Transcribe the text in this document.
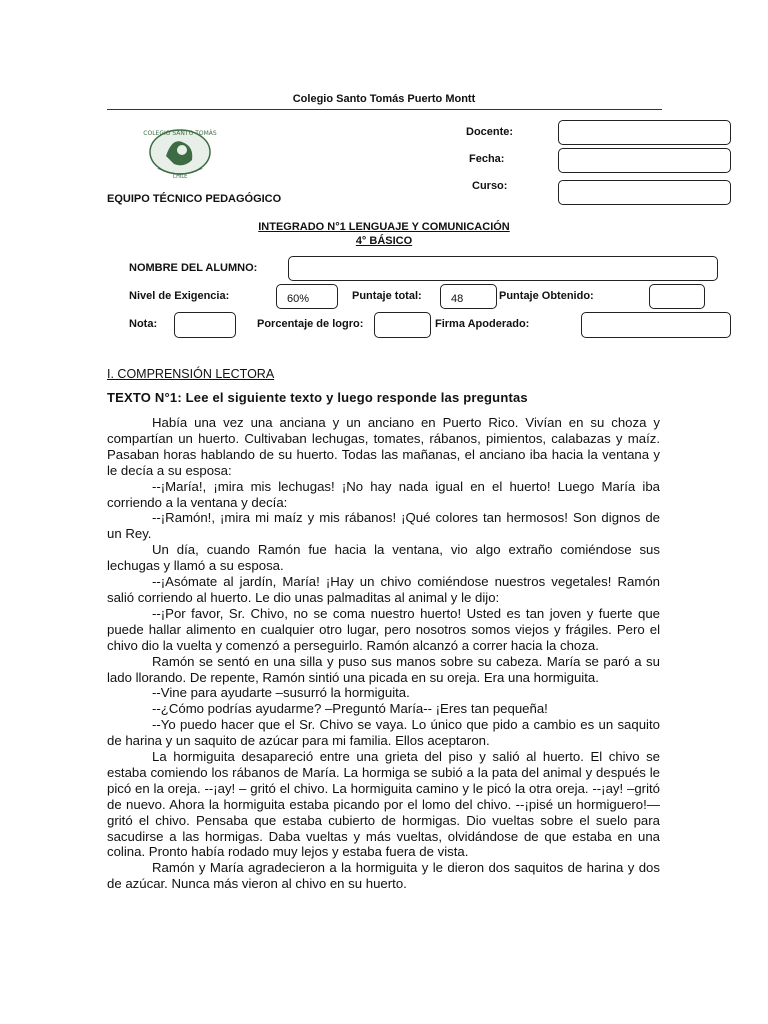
Colegio Santo Tomás Puerto Montt
COLEGIO SANTO TOMÁS
CHILE
EQUIPO TÉCNICO PEDAGÓGICO
Docente:
Fecha:
Curso:
INTEGRADO N°1 LENGUAJE Y COMUNICACIÓN
4° BÁSICO
NOMBRE DEL ALUMNO:
Nivel de Exigencia:	60%	Puntaje total:	48	Puntaje Obtenido:
Nota:	Porcentaje de logro:	Firma Apoderado:
I. COMPRENSIÓN LECTORA
TEXTO N°1: Lee el siguiente texto y luego responde las preguntas

Había una vez una anciana y un anciano en Puerto Rico. Vivían en su choza y compartían un huerto. Cultivaban lechugas, tomates, rábanos, pimientos, calabazas y maíz. Pasaban horas hablando de su huerto. Todas las mañanas, el anciano iba hacia la ventana y le decía a su esposa:

--¡María!, ¡mira mis lechugas! ¡No hay nada igual en el huerto! Luego María iba corriendo a la ventana y decía:

--¡Ramón!, ¡mira mi maíz y mis rábanos! ¡Qué colores tan hermosos! Son dignos de un Rey.

Un día, cuando Ramón fue hacia la ventana, vio algo extraño comiéndose sus lechugas y llamó a su esposa.

--¡Asómate al jardín, María! ¡Hay un chivo comiéndose nuestros vegetales! Ramón salió corriendo al huerto. Le dio unas palmaditas al animal y le dijo:

--¡Por favor, Sr. Chivo, no se coma nuestro huerto! Usted es tan joven y fuerte que puede hallar alimento en cualquier otro lugar, pero nosotros somos viejos y frágiles. Pero el chivo dio la vuelta y comenzó a perseguirlo. Ramón alcanzó a correr hacia la choza.

Ramón se sentó en una silla y puso sus manos sobre su cabeza. María se paró a su lado llorando. De repente, Ramón sintió una picada en su oreja. Era una hormiguita.

--Vine para ayudarte –susurró la hormiguita.

--¿Cómo podrías ayudarme? –Preguntó María-- ¡Eres tan pequeña!

--Yo puedo hacer que el Sr. Chivo se vaya. Lo único que pido a cambio es un saquito de harina y un saquito de azúcar para mi familia. Ellos aceptaron.

La hormiguita desapareció entre una grieta del piso y salió al huerto. El chivo se estaba comiendo los rábanos de María. La hormiga se subió a la pata del animal y después le picó en la oreja. --¡ay! – gritó el chivo. La hormiguita camino y le picó la otra oreja. --¡ay! –gritó de nuevo. Ahora la hormiguita estaba picando por el lomo del chivo. --¡pisé un hormiguero!—gritó el chivo. Pensaba que estaba cubierto de hormigas. Dio vueltas sobre el suelo para sacudirse a las hormigas. Daba vueltas y más vueltas, olvidándose de que estaba en una colina. Pronto había rodado muy lejos y estaba fuera de vista.

Ramón y María agradecieron a la hormiguita y le dieron dos saquitos de harina y dos de azúcar. Nunca más vieron al chivo en su huerto.
